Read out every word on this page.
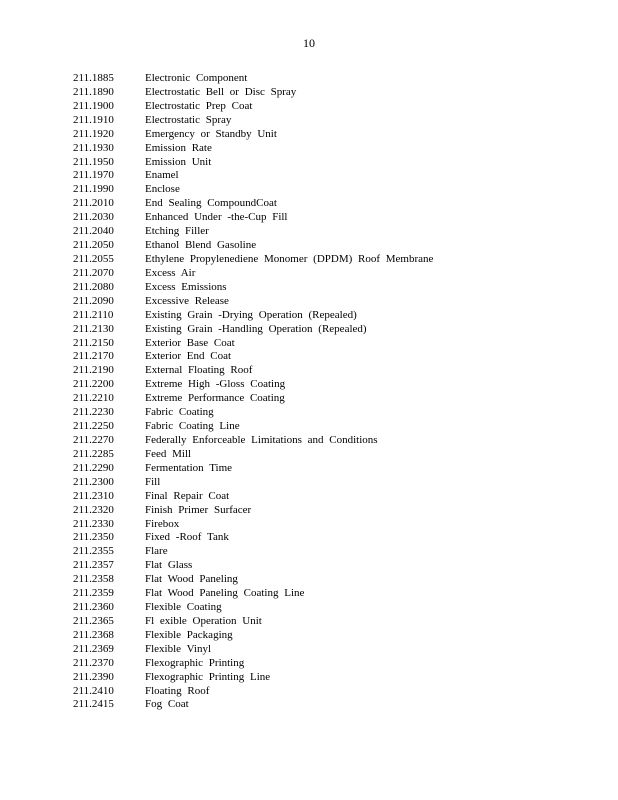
10
211.1885	Electronic Component
211.1890	Electrostatic Bell or Disc Spray
211.1900	Electrostatic Prep Coat
211.1910	Electrostatic Spray
211.1920	Emergency or Standby Unit
211.1930	Emission Rate
211.1950	Emission Unit
211.1970	Enamel
211.1990	Enclose
211.2010	End Sealing CompoundCoat
211.2030	Enhanced Under -the-Cup Fill
211.2040	Etching Filler
211.2050	Ethanol Blend Gasoline
211.2055	Ethylene Propylenediene Monomer (DPDM) Roof Membrane
211.2070	Excess Air
211.2080	Excess Emissions
211.2090	Excessive Release
211.2110	Existing Grain -Drying Operation (Repealed)
211.2130	Existing Grain -Handling Operation (Repealed)
211.2150	Exterior Base Coat
211.2170	Exterior End Coat
211.2190	External Floating Roof
211.2200	Extreme High -Gloss Coating
211.2210	Extreme Performance Coating
211.2230	Fabric Coating
211.2250	Fabric Coating Line
211.2270	Federally Enforceable Limitations and Conditions
211.2285	Feed Mill
211.2290	Fermentation Time
211.2300	Fill
211.2310	Final Repair Coat
211.2320	Finish Primer Surfacer
211.2330	Firebox
211.2350	Fixed -Roof Tank
211.2355	Flare
211.2357	Flat Glass
211.2358	Flat Wood Paneling
211.2359	Flat Wood Paneling Coating Line
211.2360	Flexible Coating
211.2365	Fl exible Operation Unit
211.2368	Flexible Packaging
211.2369	Flexible Vinyl
211.2370	Flexographic Printing
211.2390	Flexographic Printing Line
211.2410	Floating Roof
211.2415	Fog Coat
